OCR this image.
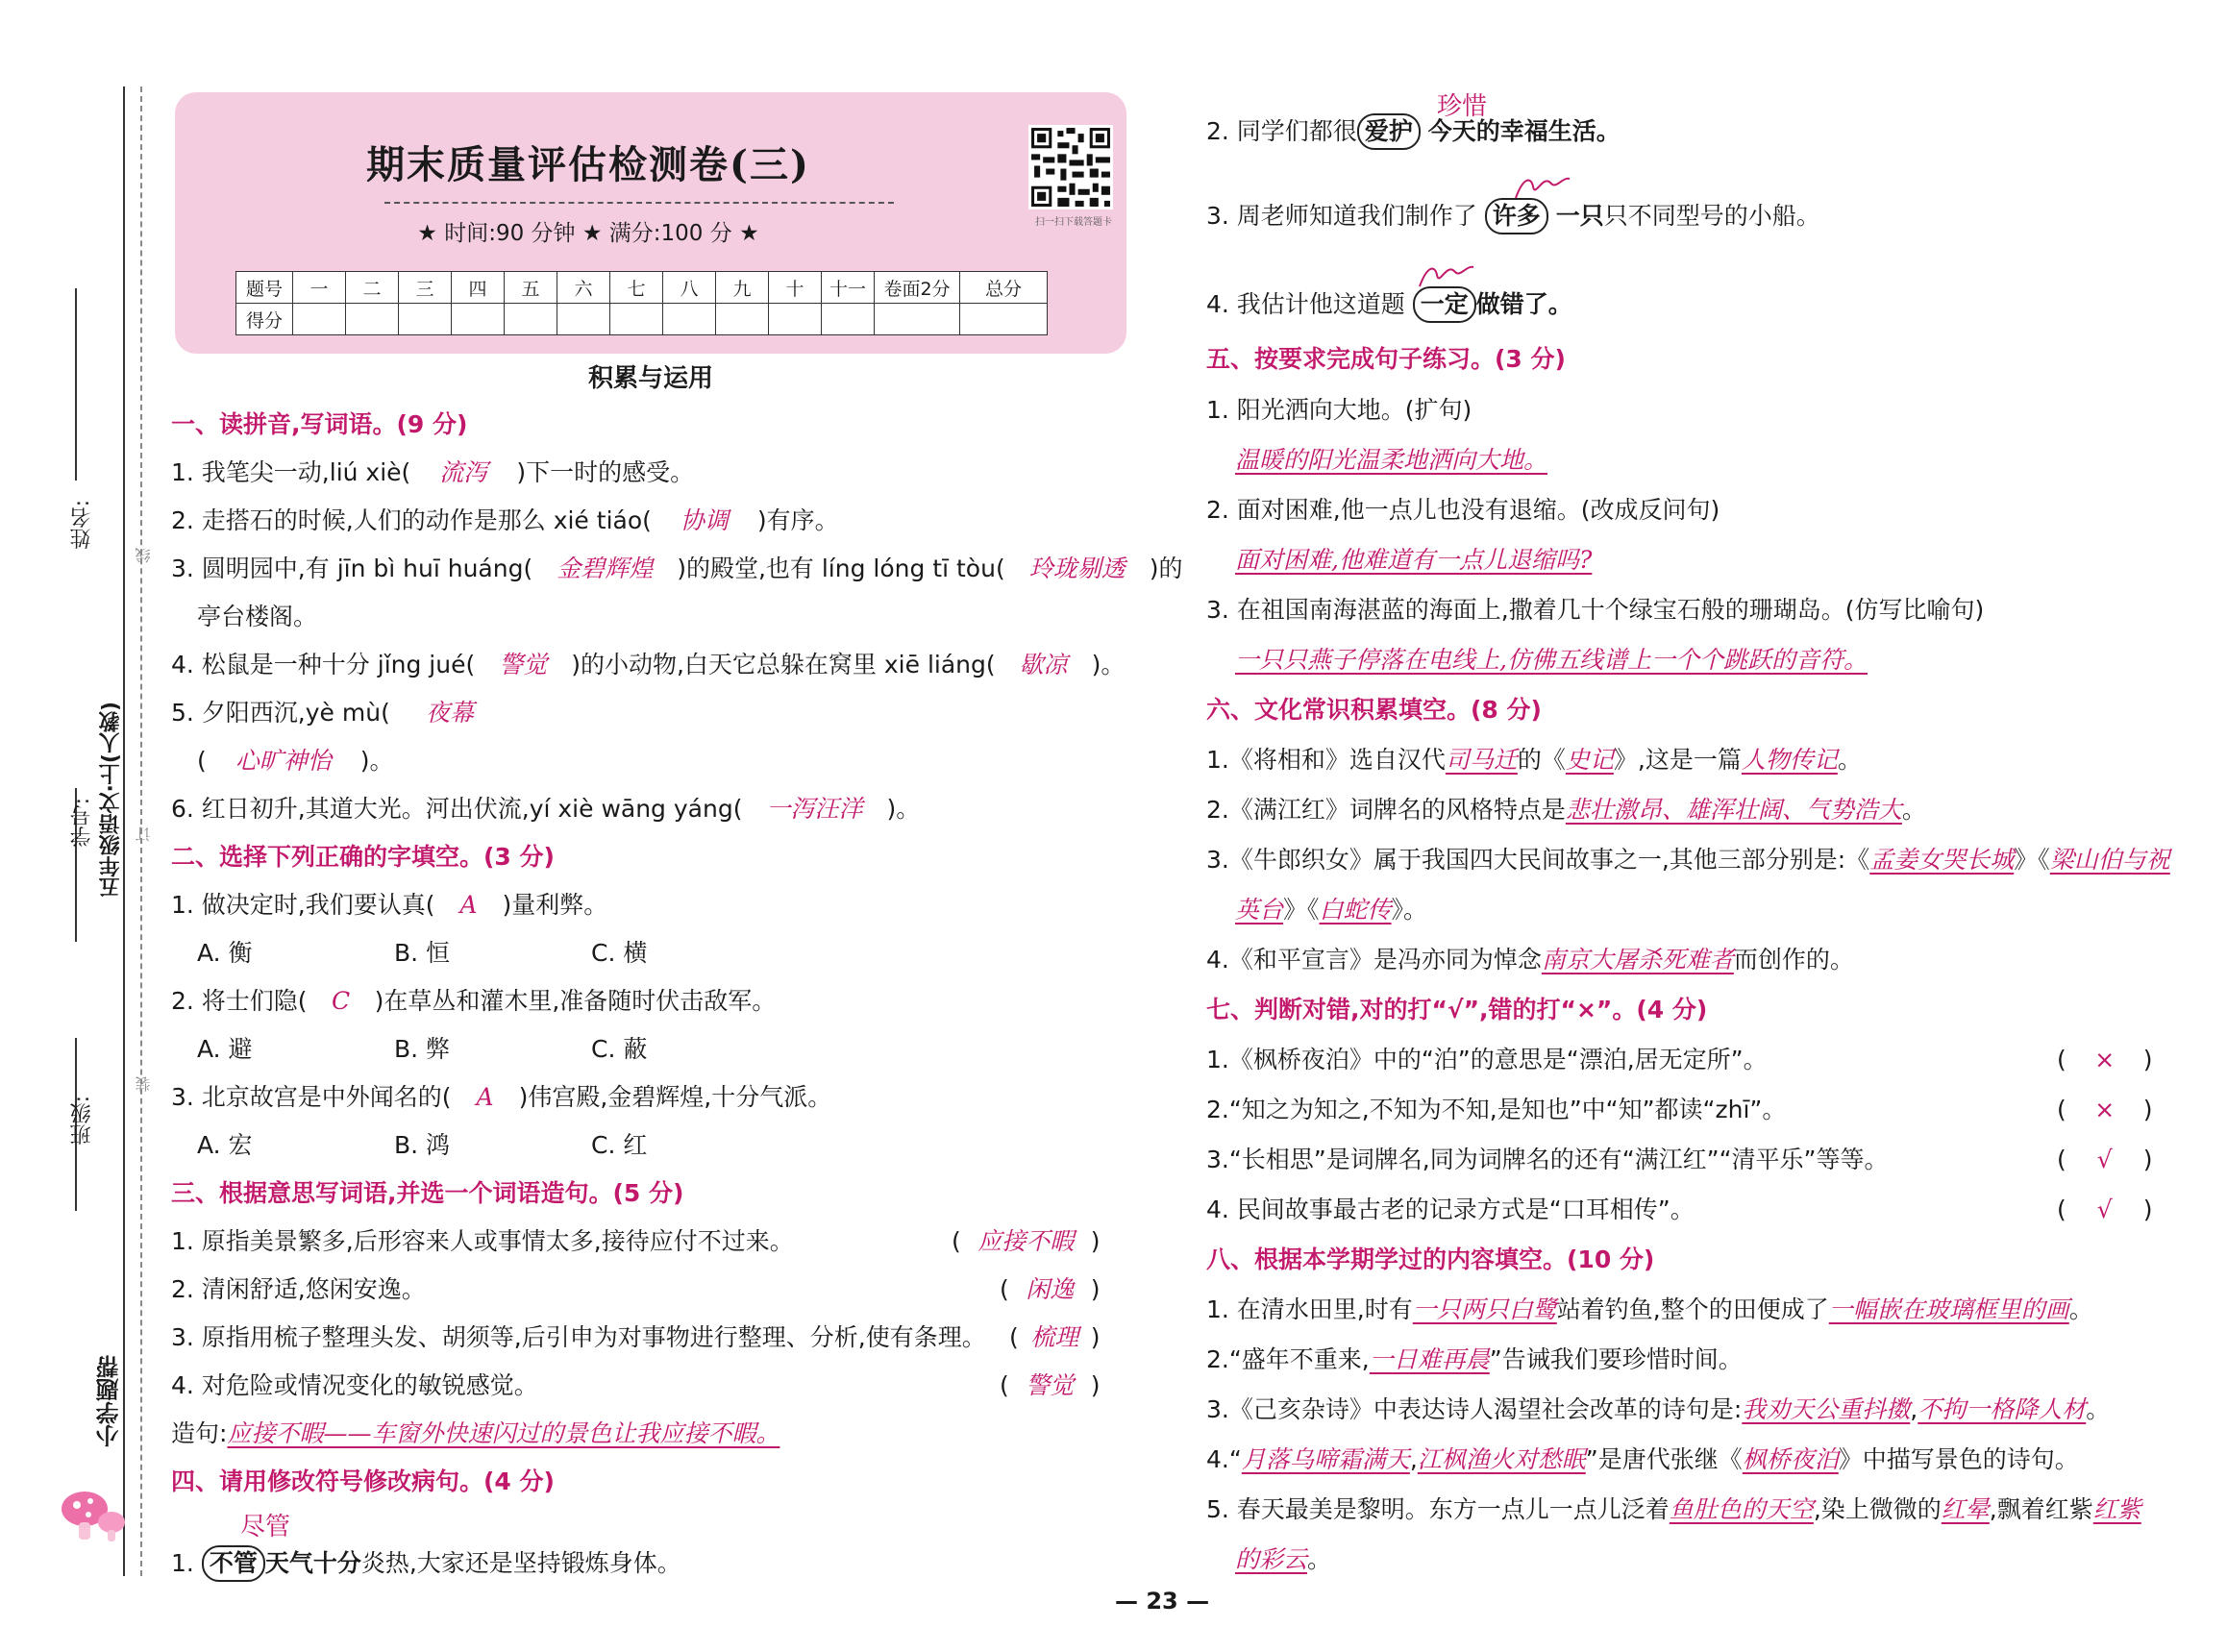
姓名:
线
五年级语文·上(人教)
学号:	订
装
班级:
小学题帮
期末质量评估检测卷(三)
★ 时间:90 分钟 ★ 满分:100 分 ★	扫一扫下载答题卡
题号	一	二	三	四	五	六	七	八	九	十	十一	卷面2分	总分
得分													
积累与运用
一、读拼音,写词语。(9 分)
1. 我笔尖一动,liú xiè( 流泻 )下一时的感受。
2. 走搭石的时候,人们的动作是那么 xié tiáo( 协调 )有序。
3. 圆明园中,有 jīn bì huī huáng( 金碧辉煌 )的殿堂,也有 líng lóng tī tòu( 玲珑剔透 )的
亭台楼阁。
4. 松鼠是一种十分 jǐng jué( 警觉 )的小动物,白天它总躲在窝里 xiē liáng( 歇凉 )。
5. 夕阳西沉,yè mù(
( 心旷神怡 )。
6. 红日初升,其道大光。河出伏流,yí xiè wāng yáng( 一泻汪洋 )。
二、选择下列正确的字填空。(3 分)
1. 做决定时,我们要认真( A )量利弊。
A. 衡	B. 恒	C. 横
2. 将士们隐( C )在草丛和灌木里,准备随时伏击敌军。
A. 避	B. 弊	C. 蔽
3. 北京故宫是中外闻名的( A )伟宫殿,金碧辉煌,十分气派。
A. 宏	B. 鸿	C. 红
三、根据意思写词语,并选一个词语造句。(5 分)
1. 原指美景繁多,后形容来人或事情太多,接待应付不过来。	( 应接不暇 )
2. 清闲舒适,悠闲安逸。	( 闲逸 )
3. 原指用梳子整理头发、胡须等,后引申为对事物进行整理、分析,使有条理。 ( 梳理 )
4. 对危险或情况变化的敏锐感觉。	( 警觉 )
造句:应接不暇——车窗外快速闪过的景色让我应接不暇。
四、请用修改符号修改病句。(4 分)
尽管
1. 不管 天气十分炎热,大家还是坚持锻炼身体。
珍惜
2. 同学们都很 爱护 今天的幸福生活。
3. 周老师知道我们制作了 许多 一只只不同型号的小船。
4. 我估计他这道题 一定 做错了。
五、按要求完成句子练习。(3 分)
1. 阳光洒向大地。(扩句)
温暖的阳光温柔地洒向大地。
2. 面对困难,他一点儿也没有退缩。(改成反问句)
面对困难,他难道有一点儿退缩吗?
3. 在祖国南海湛蓝的海面上,撒着几十个绿宝石般的珊瑚岛。(仿写比喻句)
一只只燕子停落在电线上,仿佛五线谱上一个个跳跃的音符。
六、文化常识积累填空。(8 分)
1.《将相和》选自汉代司马迁的《史记》,这是一篇人物传记。
2.《满江红》词牌名的风格特点是悲壮激昂、雄浑壮阔、气势浩大。
3.《牛郎织女》属于我国四大民间故事之一,其他三部分别是:《孟姜女哭长城》《梁山伯与祝
英台》《白蛇传》。
4.《和平宣言》是冯亦同为悼念南京大屠杀死难者而创作的。
七、判断对错,对的打“√”,错的打“×”。(4 分)
1.《枫桥夜泊》中的“泊”的意思是“漂泊,居无定所”。	( × )
2.“知之为知之,不知为不知,是知也”中“知”都读“zhī”。	( × )
3.“长相思”是词牌名,同为词牌名的还有“满江红”“清平乐”等等。	( √ )
4. 民间故事最古老的记录方式是“口耳相传”。	( √ )
八、根据本学期学过的内容填空。(10 分)
1. 在清水田里,时有一只两只白鹭站着钓鱼,整个的田便成了一幅嵌在玻璃框里的画。
2.“盛年不重来,一日难再晨”告诫我们要珍惜时间。
3.《己亥杂诗》中表达诗人渴望社会改革的诗句是:我劝天公重抖擞,不拘一格降人材。
4.“月落乌啼霜满天,江枫渔火对愁眠”是唐代张继《枫桥夜泊》中描写景色的诗句。
5. 春天最美是黎明。东方一点儿一点儿泛着鱼肚色的天空,染上微微的红晕,飘着红紫红紫
的彩云。
— 23 —
夜幕
